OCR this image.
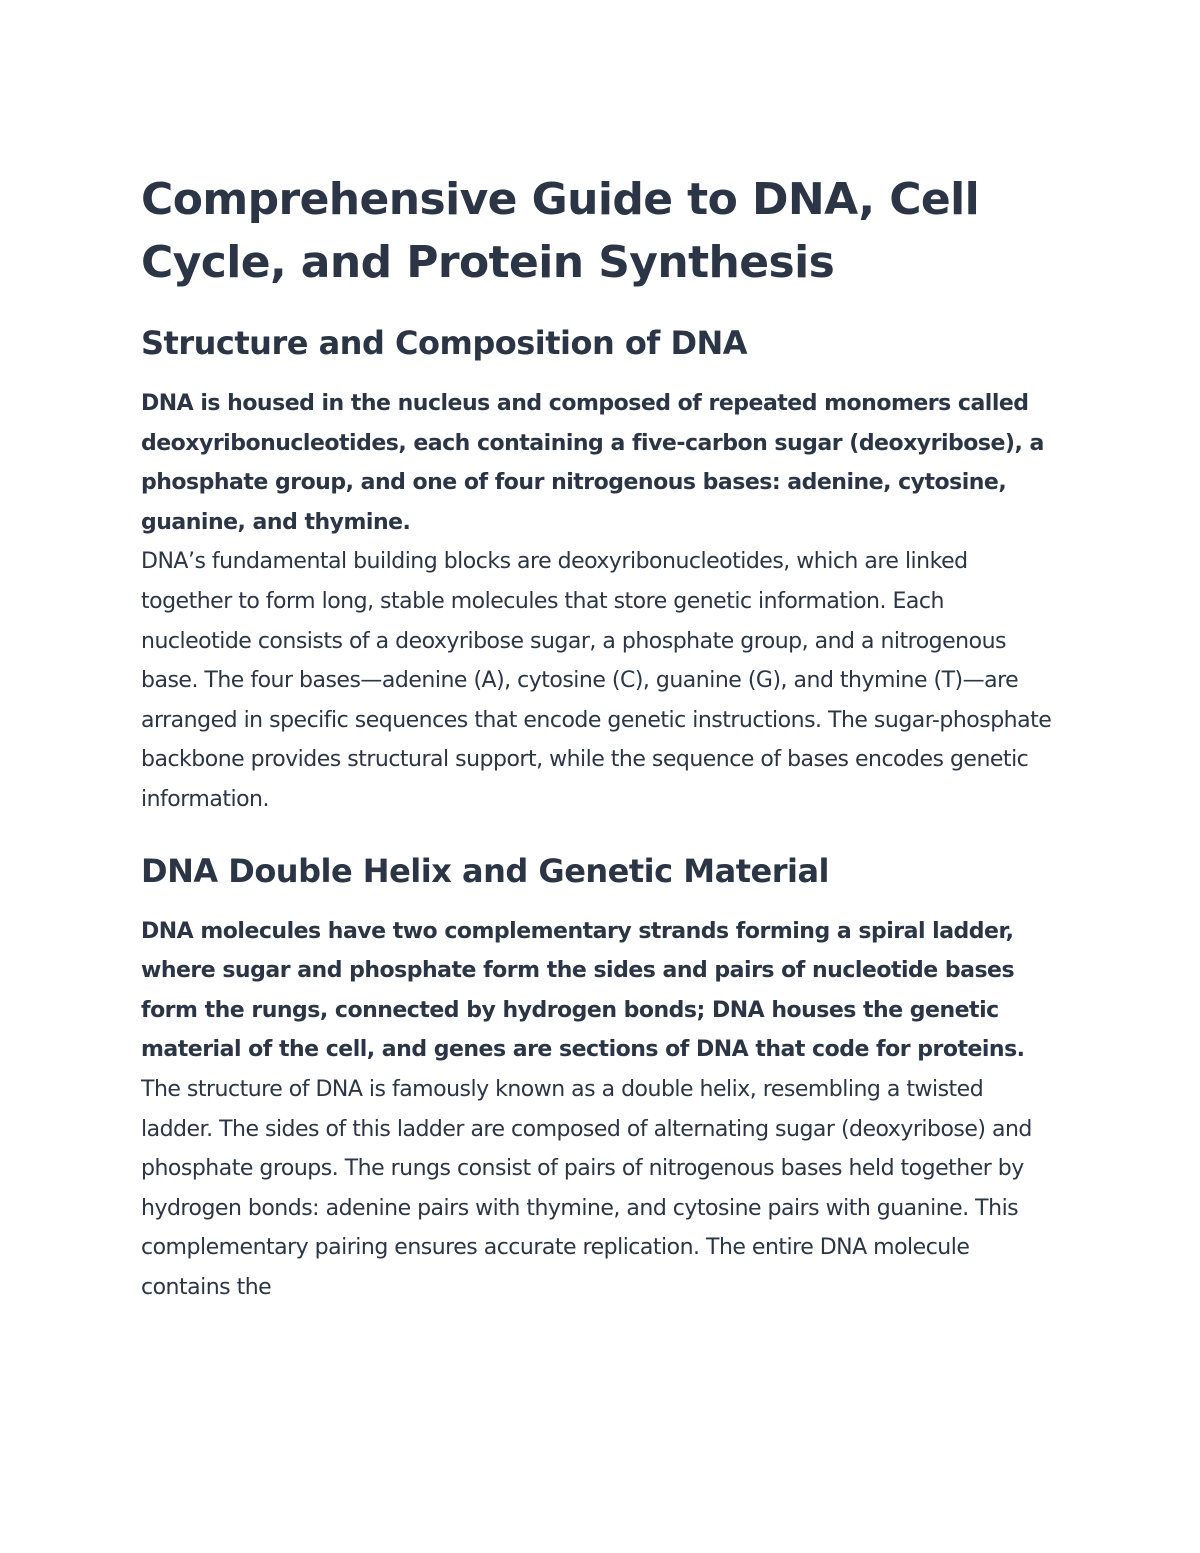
Comprehensive Guide to DNA, Cell Cycle, and Protein Synthesis
Structure and Composition of DNA

DNA is housed in the nucleus and composed of repeated monomers called deoxyribonucleotides, each containing a five-carbon sugar (deoxyribose), a phosphate group, and one of four nitrogenous bases: adenine, cytosine, guanine, and thymine.

DNA’s fundamental building blocks are deoxyribonucleotides, which are linked together to form long, stable molecules that store genetic information. Each nucleotide consists of a deoxyribose sugar, a phosphate group, and a nitrogenous base. The four bases—adenine (A), cytosine (C), guanine (G), and thymine (T)—are arranged in specific sequences that encode genetic instructions. The sugar-phosphate backbone provides structural support, while the sequence of bases encodes genetic information.

DNA Double Helix and Genetic Material

DNA molecules have two complementary strands forming a spiral ladder, where sugar and phosphate form the sides and pairs of nucleotide bases form the rungs, connected by hydrogen bonds; DNA houses the genetic material of the cell, and genes are sections of DNA that code for proteins.

The structure of DNA is famously known as a double helix, resembling a twisted ladder. The sides of this ladder are composed of alternating sugar (deoxyribose) and phosphate groups. The rungs consist of pairs of nitrogenous bases held together by hydrogen bonds: adenine pairs with thymine, and cytosine pairs with guanine. This complementary pairing ensures accurate replication. The entire DNA molecule contains the
